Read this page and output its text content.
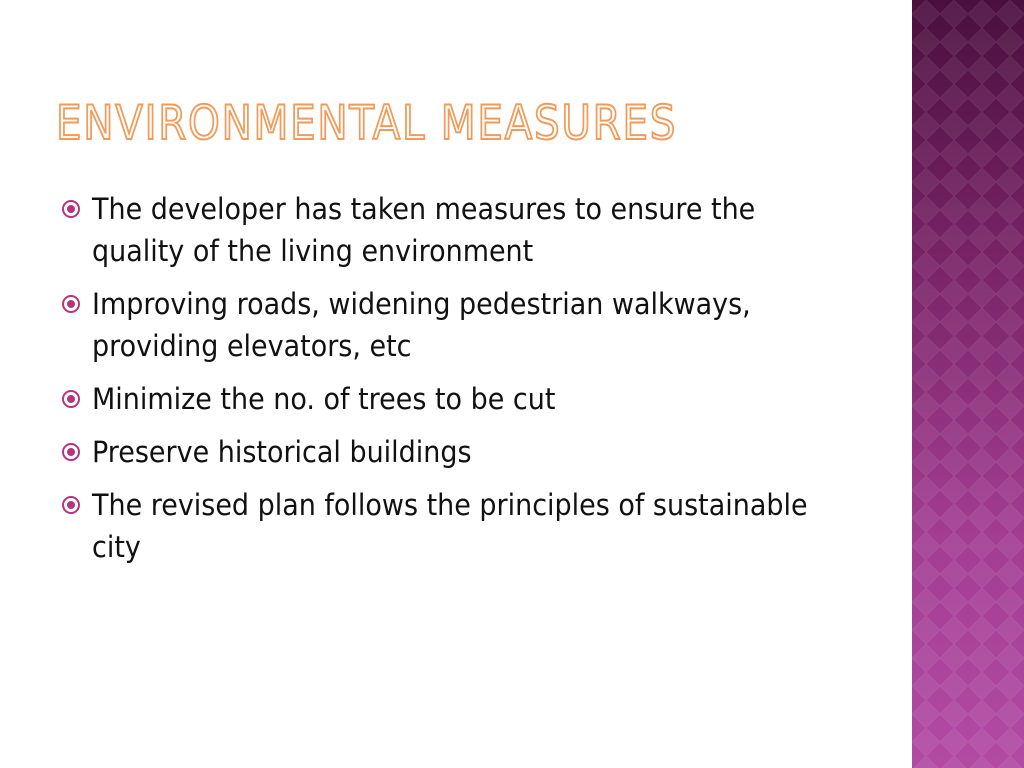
ENVIRONMENTAL MEASURES
The developer has taken measures to ensure the quality of the living environment
Improving roads, widening pedestrian walkways, providing elevators, etc
Minimize the no. of trees to be cut
Preserve historical buildings
The revised plan follows the principles of sustainable city
